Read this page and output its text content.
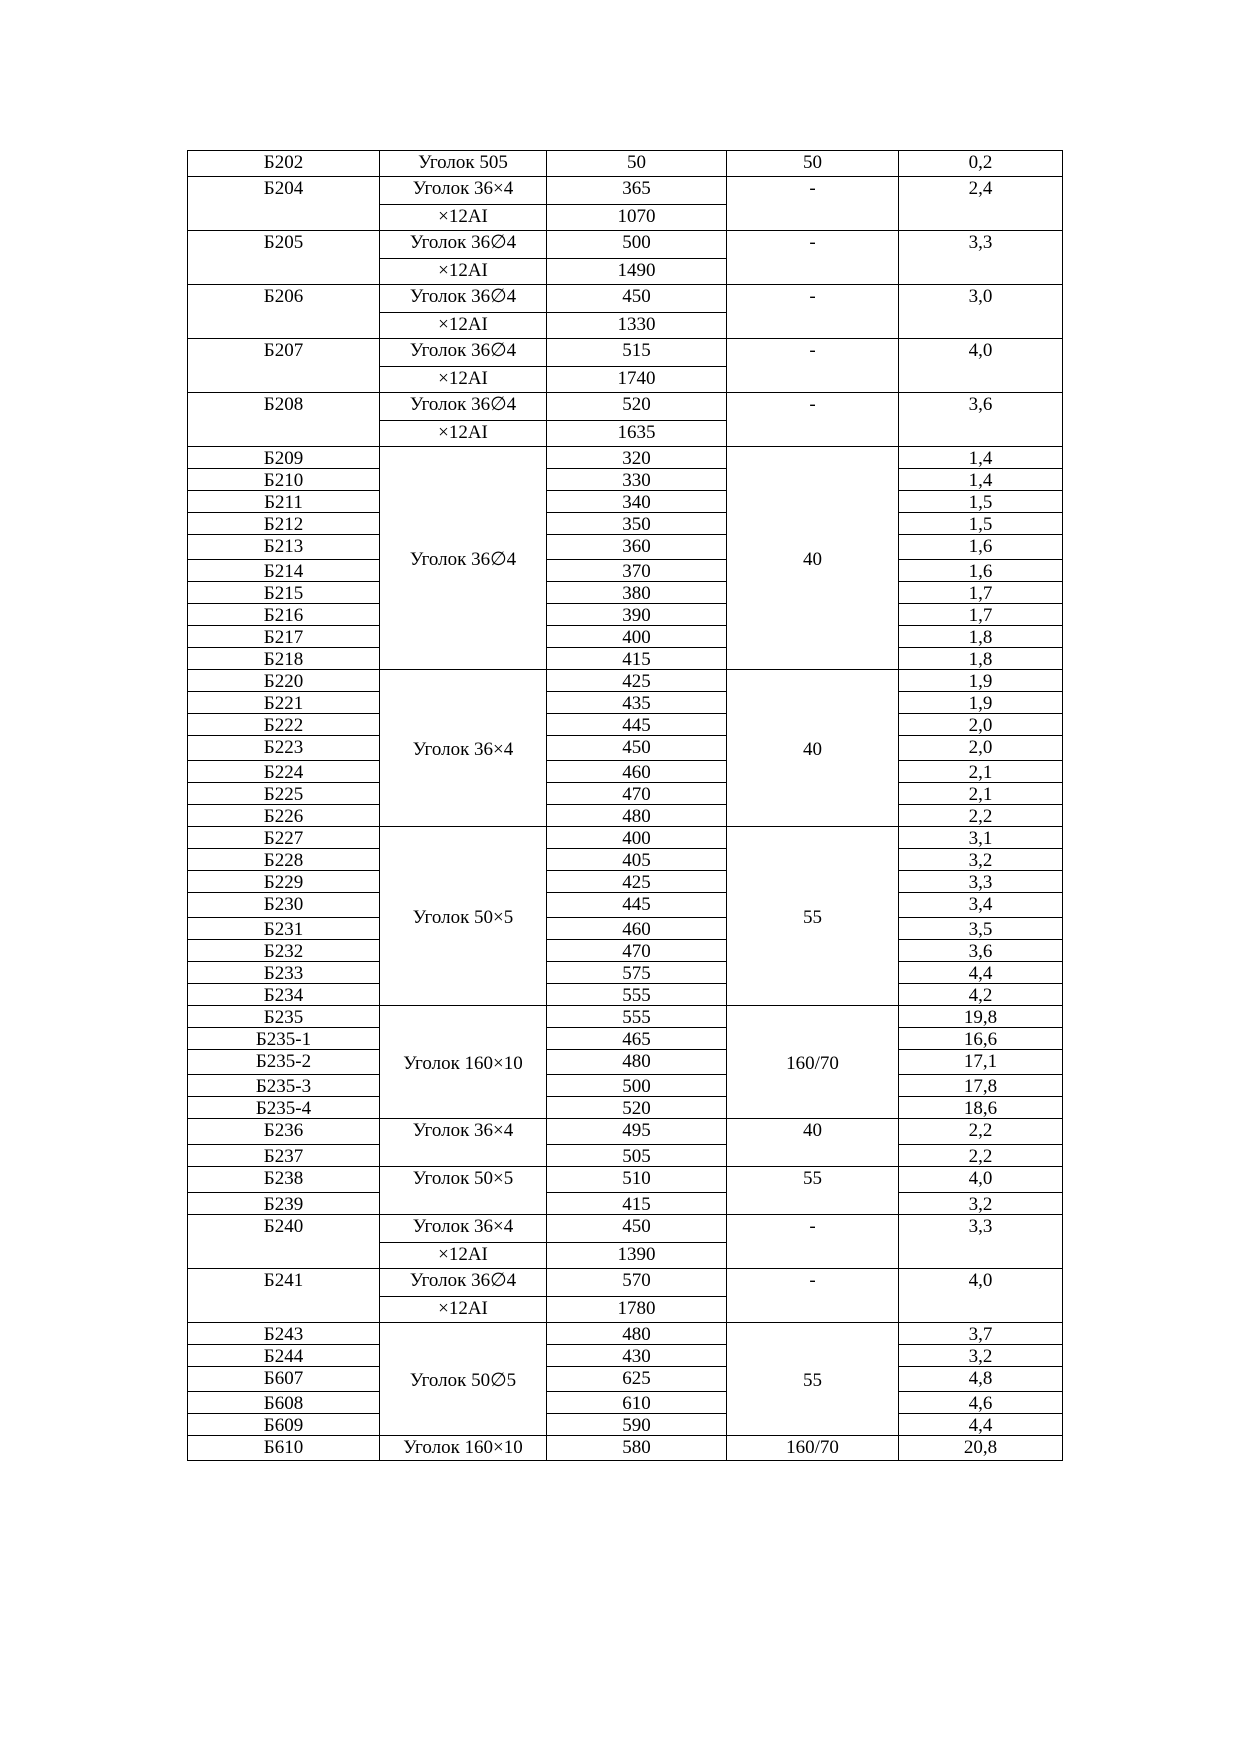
Б202	Уголок 505	50	50	0,2

Б204	Уголок 36×4	365	-	2,4

	×12АI	1070		

Б205	Уголок 36∅4	500	-	3,3

	×12АI	1490		

Б206	Уголок 36∅4	450	-	3,0

	×12АI	1330		

Б207	Уголок 36∅4	515	-	4,0

	×12АI	1740		

Б208	Уголок 36∅4	520	-	3,6

	×12АI	1635		

Б209	Уголок 36∅4	320	40	1,4

Б210		330		1,4

Б211		340		1,5

Б212		350		1,5

Б213		360		1,6

Б214		370		1,6

Б215		380		1,7

Б216		390		1,7

Б217		400		1,8

Б218		415		1,8

Б220	Уголок 36×4	425	40	1,9

Б221		435		1,9

Б222		445		2,0

Б223		450		2,0

Б224		460		2,1

Б225		470		2,1

Б226		480		2,2

Б227	Уголок 50×5	400	55	3,1

Б228		405		3,2

Б229		425		3,3

Б230		445		3,4

Б231		460		3,5

Б232		470		3,6

Б233		575		4,4

Б234		555		4,2

Б235	Уголок 160×10	555	160/70	19,8

Б235-1		465		16,6

Б235-2		480		17,1

Б235-3		500		17,8

Б235-4		520		18,6

Б236	Уголок 36×4	495	40	2,2

Б237		505		2,2

Б238	Уголок 50×5	510	55	4,0

Б239		415		3,2

Б240	Уголок 36×4	450	-	3,3

	×12АI	1390		

Б241	Уголок 36∅4	570	-	4,0

	×12АI	1780		

Б243	Уголок 50∅5	480	55	3,7

Б244		430		3,2

Б607		625		4,8

Б608		610		4,6

Б609		590		4,4

Б610	Уголок 160×10	580	160/70	20,8
